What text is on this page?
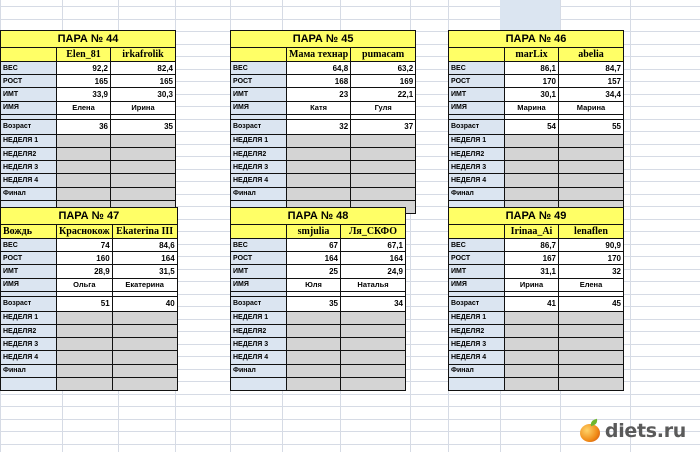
ПАРА № 44		
	Elen_81	irkafrolik
ВЕС	92,2	82,4
РОСТ	165	165
ИМТ	33,9	30,3
ИМЯ	Елена	Ирина

Возраст	36	35
НЕДЕЛЯ 1		
НЕДЕЛЯ2		
НЕДЕЛЯ 3		
НЕДЕЛЯ 4		
Финал		

ПАРА № 45		
	Мама технар	pumacam
ВЕС	64,8	63,2
РОСТ	168	169
ИМТ	23	22,1
ИМЯ	Катя	Гуля

Возраст	32	37
НЕДЕЛЯ 1		
НЕДЕЛЯ2		
НЕДЕЛЯ 3		
НЕДЕЛЯ 4		
Финал		

ПАРА № 46		
	marLix	abelia
ВЕС	86,1	84,7
РОСТ	170	157
ИМТ	30,1	34,4
ИМЯ	Марина	Марина

Возраст	54	55
НЕДЕЛЯ 1		
НЕДЕЛЯ2		
НЕДЕЛЯ 3		
НЕДЕЛЯ 4		
Финал		

ПАРА № 47		
Вождь	Краснокож	Ekaterina III
ВЕС	74	84,6
РОСТ	160	164
ИМТ	28,9	31,5
ИМЯ	Ольга	Екатерина

Возраст	51	40
НЕДЕЛЯ 1		
НЕДЕЛЯ2		
НЕДЕЛЯ 3		
НЕДЕЛЯ 4		
Финал		

ПАРА № 48		
	smjulia	Ля_СКФО
ВЕС	67	67,1
РОСТ	164	164
ИМТ	25	24,9
ИМЯ	Юля	Наталья

Возраст	35	34
НЕДЕЛЯ 1		
НЕДЕЛЯ2		
НЕДЕЛЯ 3		
НЕДЕЛЯ 4		
Финал		

ПАРА № 49		
	Irinaa_Ai	lenaflen
ВЕС	86,7	90,9
РОСТ	167	170
ИМТ	31,1	32
ИМЯ	Ирина	Елена

Возраст	41	45
НЕДЕЛЯ 1		
НЕДЕЛЯ2		
НЕДЕЛЯ 3		
НЕДЕЛЯ 4		
Финал		

diets.ru
